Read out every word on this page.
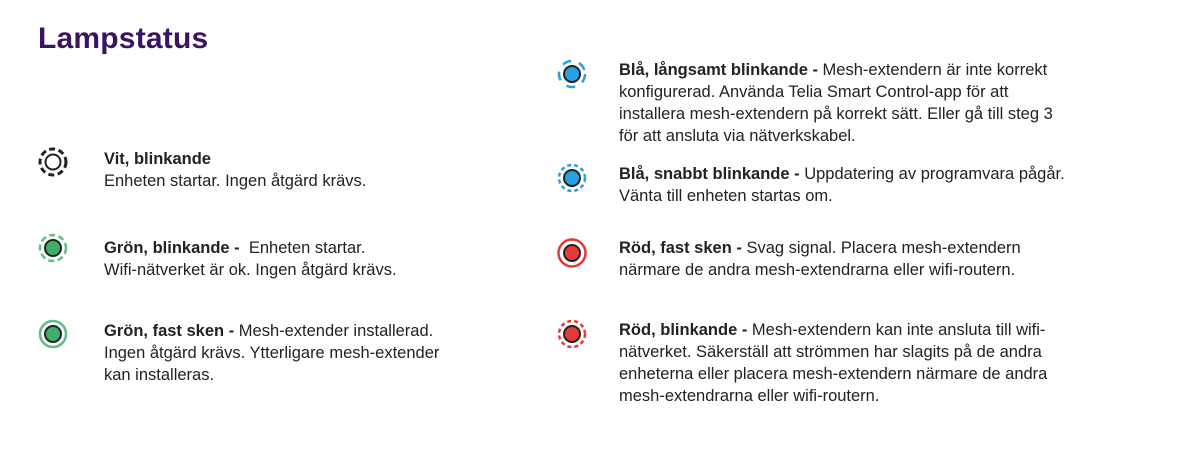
Lampstatus
Vit, blinkande
Enheten startar. Ingen åtgärd krävs.
Grön, blinkande -  Enheten startar.
Wifi-nätverket är ok. Ingen åtgärd krävs.
Grön, fast sken - Mesh-extender installerad.
Ingen åtgärd krävs. Ytterligare mesh-extender
kan installeras.
Blå, långsamt blinkande - Mesh-extendern är inte korrekt
konfigurerad. Använda Telia Smart Control-app för att
installera mesh-extendern på korrekt sätt. Eller gå till steg 3
för att ansluta via nätverkskabel.
Blå, snabbt blinkande - Uppdatering av programvara pågår.
Vänta till enheten startas om.
Röd, fast sken - Svag signal. Placera mesh-extendern
närmare de andra mesh-extendrarna eller wifi-routern.
Röd, blinkande - Mesh-extendern kan inte ansluta till wifi-
nätverket. Säkerställ att strömmen har slagits på de andra
enheterna eller placera mesh-extendern närmare de andra
mesh-extendrarna eller wifi-routern.
